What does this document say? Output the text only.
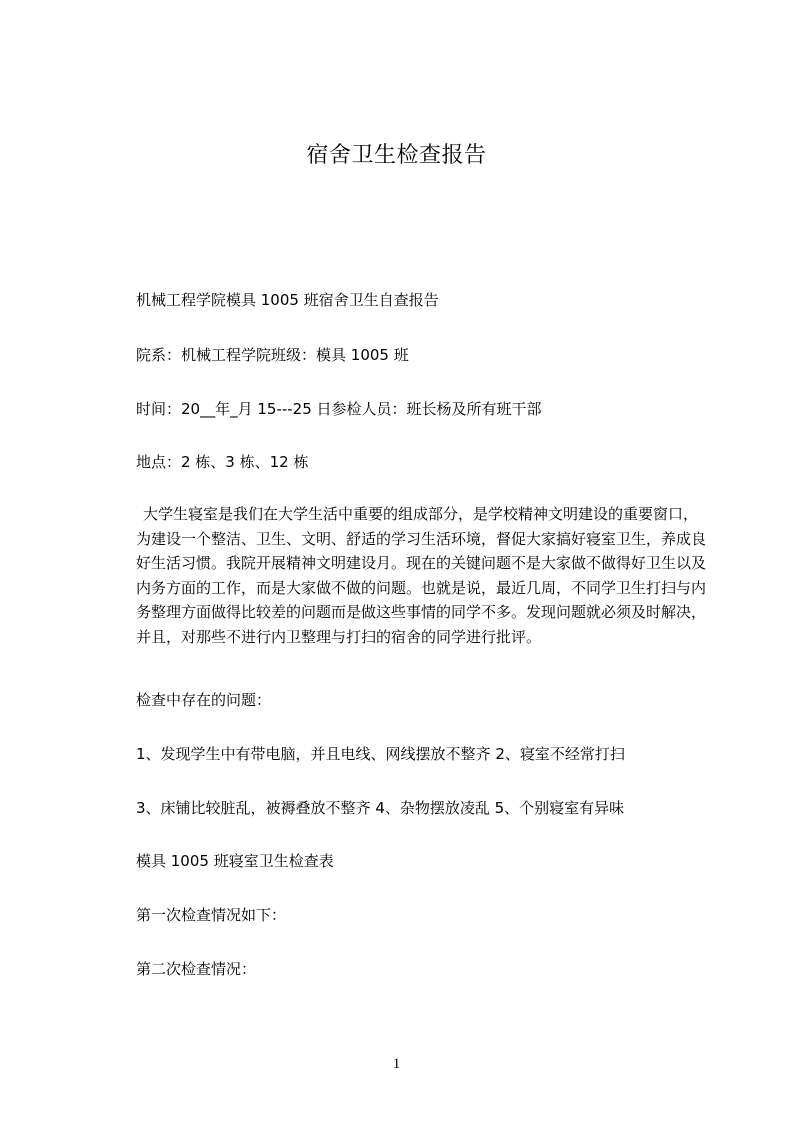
宿舍卫生检查报告
机械工程学院模具 1005 班宿舍卫生自查报告
院系：机械工程学院班级：模具 1005 班
时间：20__年_月 15---25 日参检人员：班长杨及所有班干部
地点：2 栋、3 栋、12 栋
大学生寝室是我们在大学生活中重要的组成部分，是学校精神文明建设的重要窗口，为建设一个整洁、卫生、文明、舒适的学习生活环境，督促大家搞好寝室卫生，养成良好生活习惯。我院开展精神文明建设月。现在的关键问题不是大家做不做得好卫生以及内务方面的工作，而是大家做不做的问题。也就是说，最近几周，不同学卫生打扫与内务整理方面做得比较差的问题而是做这些事情的同学不多。发现问题就必须及时解决，并且，对那些不进行内卫整理与打扫的宿舍的同学进行批评。
检查中存在的问题：
1、发现学生中有带电脑，并且电线、网线摆放不整齐 2、寝室不经常打扫
3、床铺比较脏乱，被褥叠放不整齐 4、杂物摆放凌乱 5、个别寝室有异味
模具 1005 班寝室卫生检查表
第一次检查情况如下：
第二次检查情况：
1
